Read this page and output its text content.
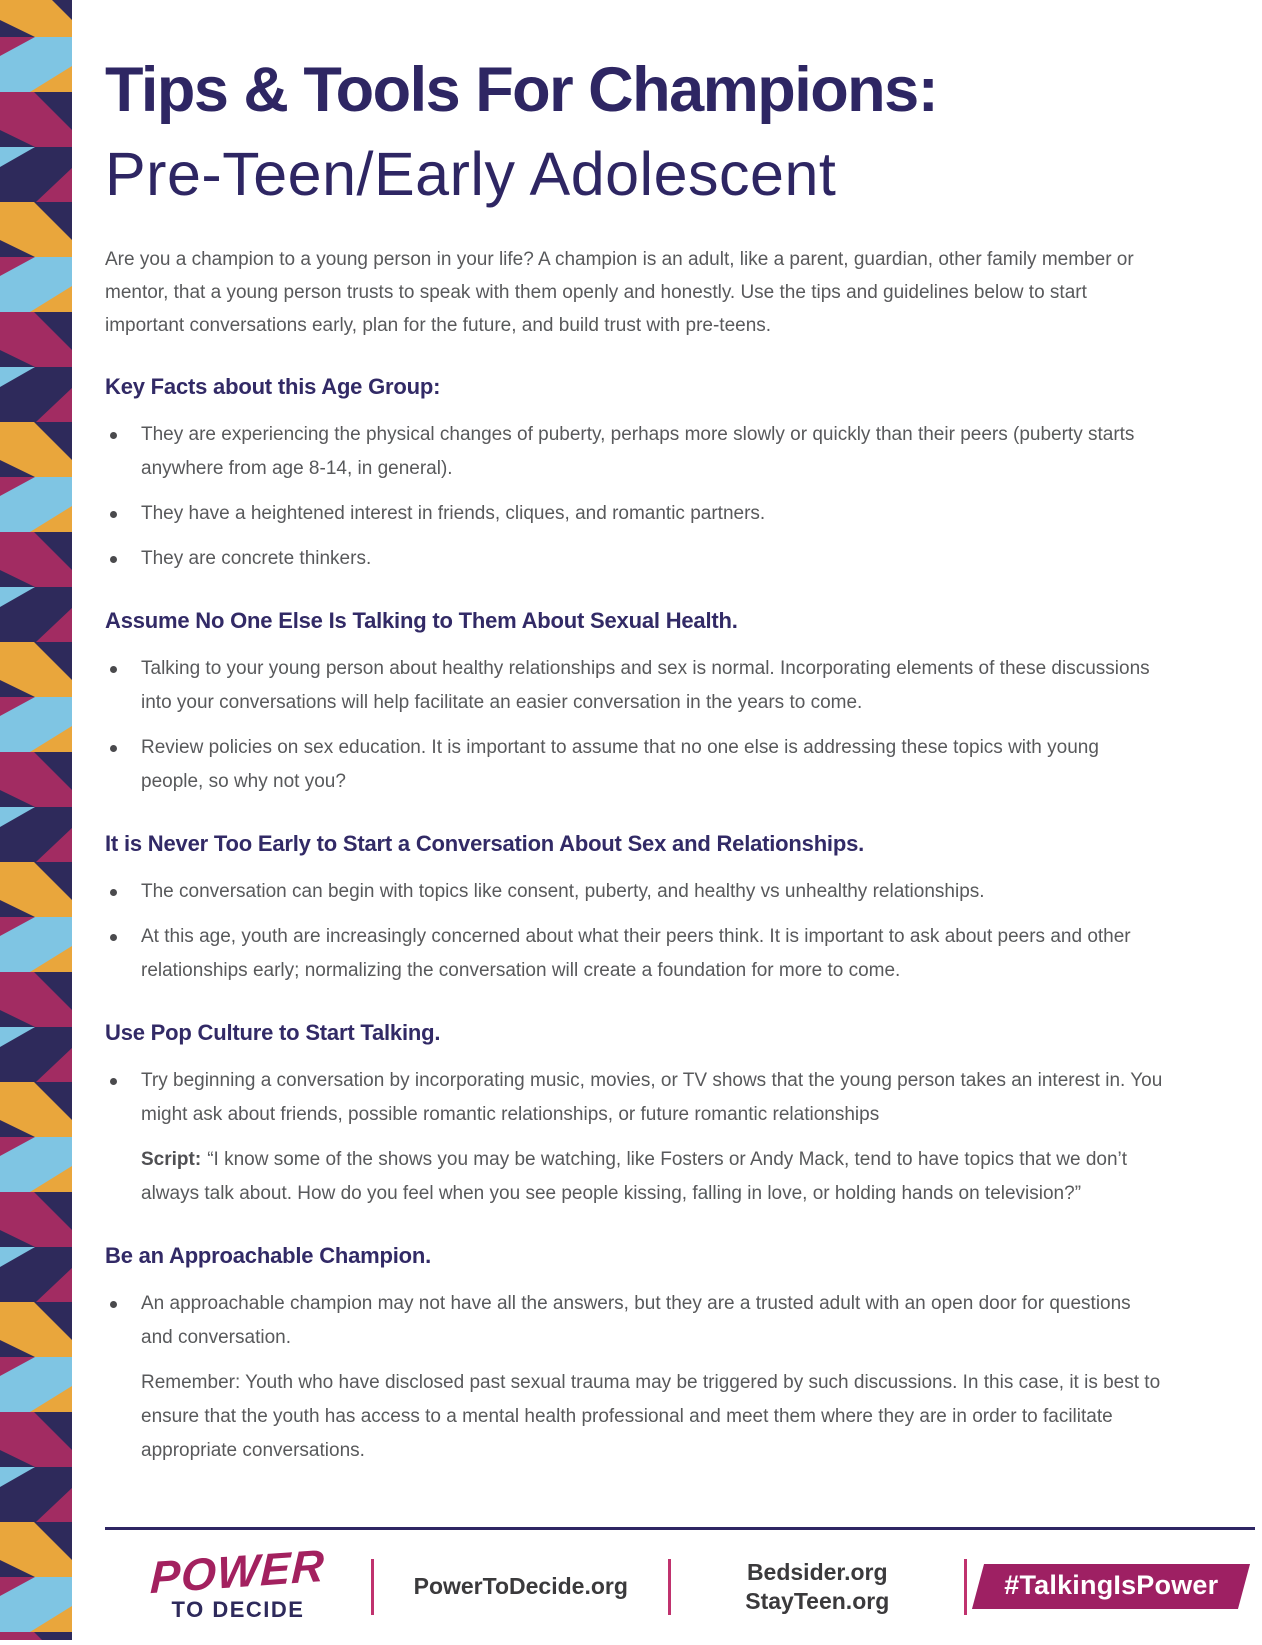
Tips & Tools For Champions:
Pre-Teen/Early Adolescent

Are you a champion to a young person in your life? A champion is an adult, like a parent, guardian, other family member or mentor, that a young person trusts to speak with them openly and honestly. Use the tips and guidelines below to start important conversations early, plan for the future, and build trust with pre-teens.

Key Facts about this Age Group:
They are experiencing the physical changes of puberty, perhaps more slowly or quickly than their peers (puberty starts anywhere from age 8-14, in general).
They have a heightened interest in friends, cliques, and romantic partners.
They are concrete thinkers.
Assume No One Else Is Talking to Them About Sexual Health.
Talking to your young person about healthy relationships and sex is normal. Incorporating elements of these discussions into your conversations will help facilitate an easier conversation in the years to come.
Review policies on sex education. It is important to assume that no one else is addressing these topics with young people, so why not you?
It is Never Too Early to Start a Conversation About Sex and Relationships.
The conversation can begin with topics like consent, puberty, and healthy vs unhealthy relationships.
At this age, youth are increasingly concerned about what their peers think. It is important to ask about peers and other relationships early; normalizing the conversation will create a foundation for more to come.
Use Pop Culture to Start Talking.
Try beginning a conversation by incorporating music, movies, or TV shows that the young person takes an interest in. You might ask about friends, possible romantic relationships, or future romantic relationships

Script: “I know some of the shows you may be watching, like Fosters or Andy Mack, tend to have topics that we don’t always talk about. How do you feel when you see people kissing, falling in love, or holding hands on television?”

Be an Approachable Champion.
An approachable champion may not have all the answers, but they are a trusted adult with an open door for questions and conversation.

Remember: Youth who have disclosed past sexual trauma may be triggered by such discussions. In this case, it is best to ensure that the youth has access to a mental health professional and meet them where they are in order to facilitate appropriate conversations.

POWER
TO DECIDE
PowerToDecide.org
Bedsider.org
StayTeen.org
#TalkingIsPower
